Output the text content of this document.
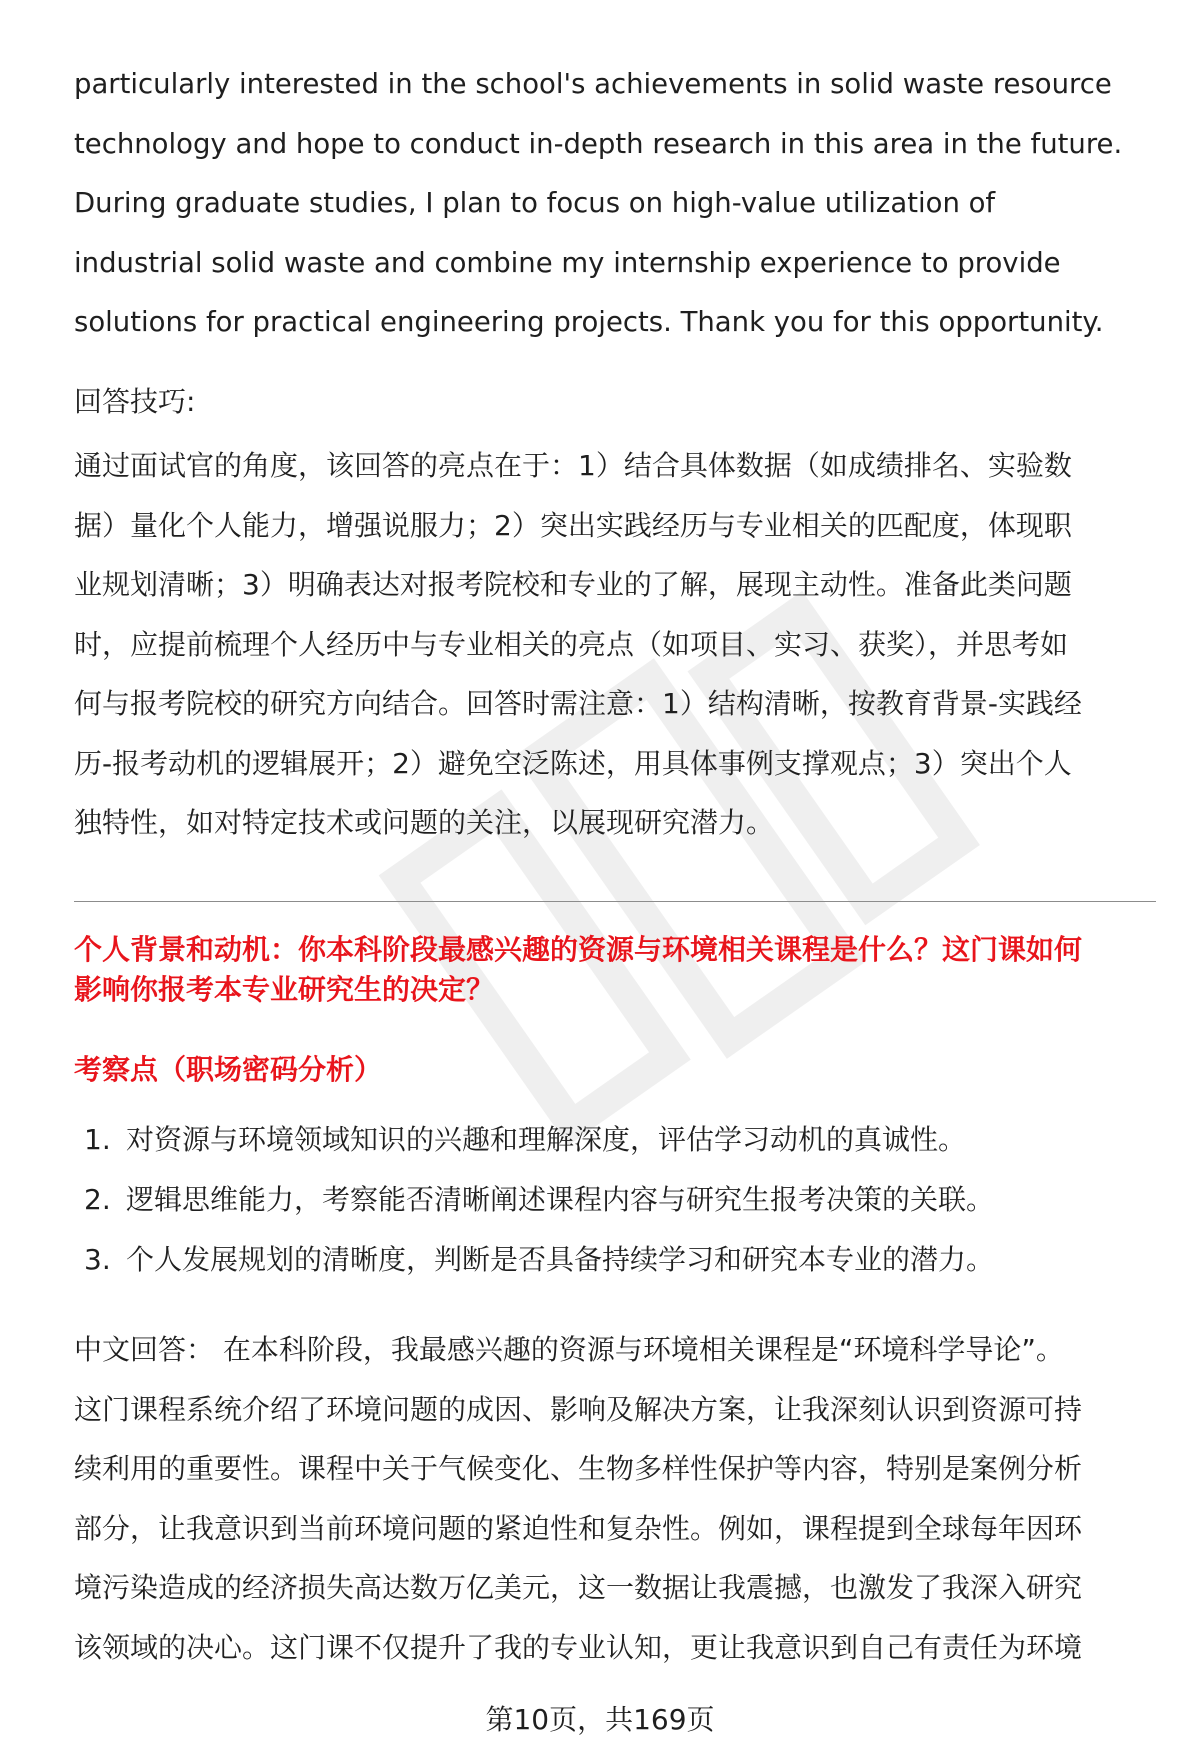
particularly interested in the school's achievements in solid waste resource
technology and hope to conduct in-depth research in this area in the future.
During graduate studies, I plan to focus on high-value utilization of
industrial solid waste and combine my internship experience to provide
solutions for practical engineering projects. Thank you for this opportunity.

回答技巧:

通过面试官的角度，该回答的亮点在于：1）结合具体数据（如成绩排名、实验数
据）量化个人能力，增强说服力；2）突出实践经历与专业相关的匹配度，体现职
业规划清晰；3）明确表达对报考院校和专业的了解，展现主动性。准备此类问题
时，应提前梳理个人经历中与专业相关的亮点（如项目、实习、获奖），并思考如
何与报考院校的研究方向结合。回答时需注意：1）结构清晰，按教育背景-实践经
历-报考动机的逻辑展开；2）避免空泛陈述，用具体事例支撑观点；3）突出个人
独特性，如对特定技术或问题的关注，以展现研究潜力。

个人背景和动机：你本科阶段最感兴趣的资源与环境相关课程是什么？这门课如何
影响你报考本专业研究生的决定？

考察点（职场密码分析）

1. 对资源与环境领域知识的兴趣和理解深度，评估学习动机的真诚性。
2. 逻辑思维能力，考察能否清晰阐述课程内容与研究生报考决策的关联。
3. 个人发展规划的清晰度，判断是否具备持续学习和研究本专业的潜力。

中文回答： 在本科阶段，我最感兴趣的资源与环境相关课程是“环境科学导论”。
这门课程系统介绍了环境问题的成因、影响及解决方案，让我深刻认识到资源可持
续利用的重要性。课程中关于气候变化、生物多样性保护等内容，特别是案例分析
部分，让我意识到当前环境问题的紧迫性和复杂性。例如，课程提到全球每年因环
境污染造成的经济损失高达数万亿美元，这一数据让我震撼，也激发了我深入研究
该领域的决心。这门课不仅提升了我的专业认知，更让我意识到自己有责任为环境

第10页，共169页
